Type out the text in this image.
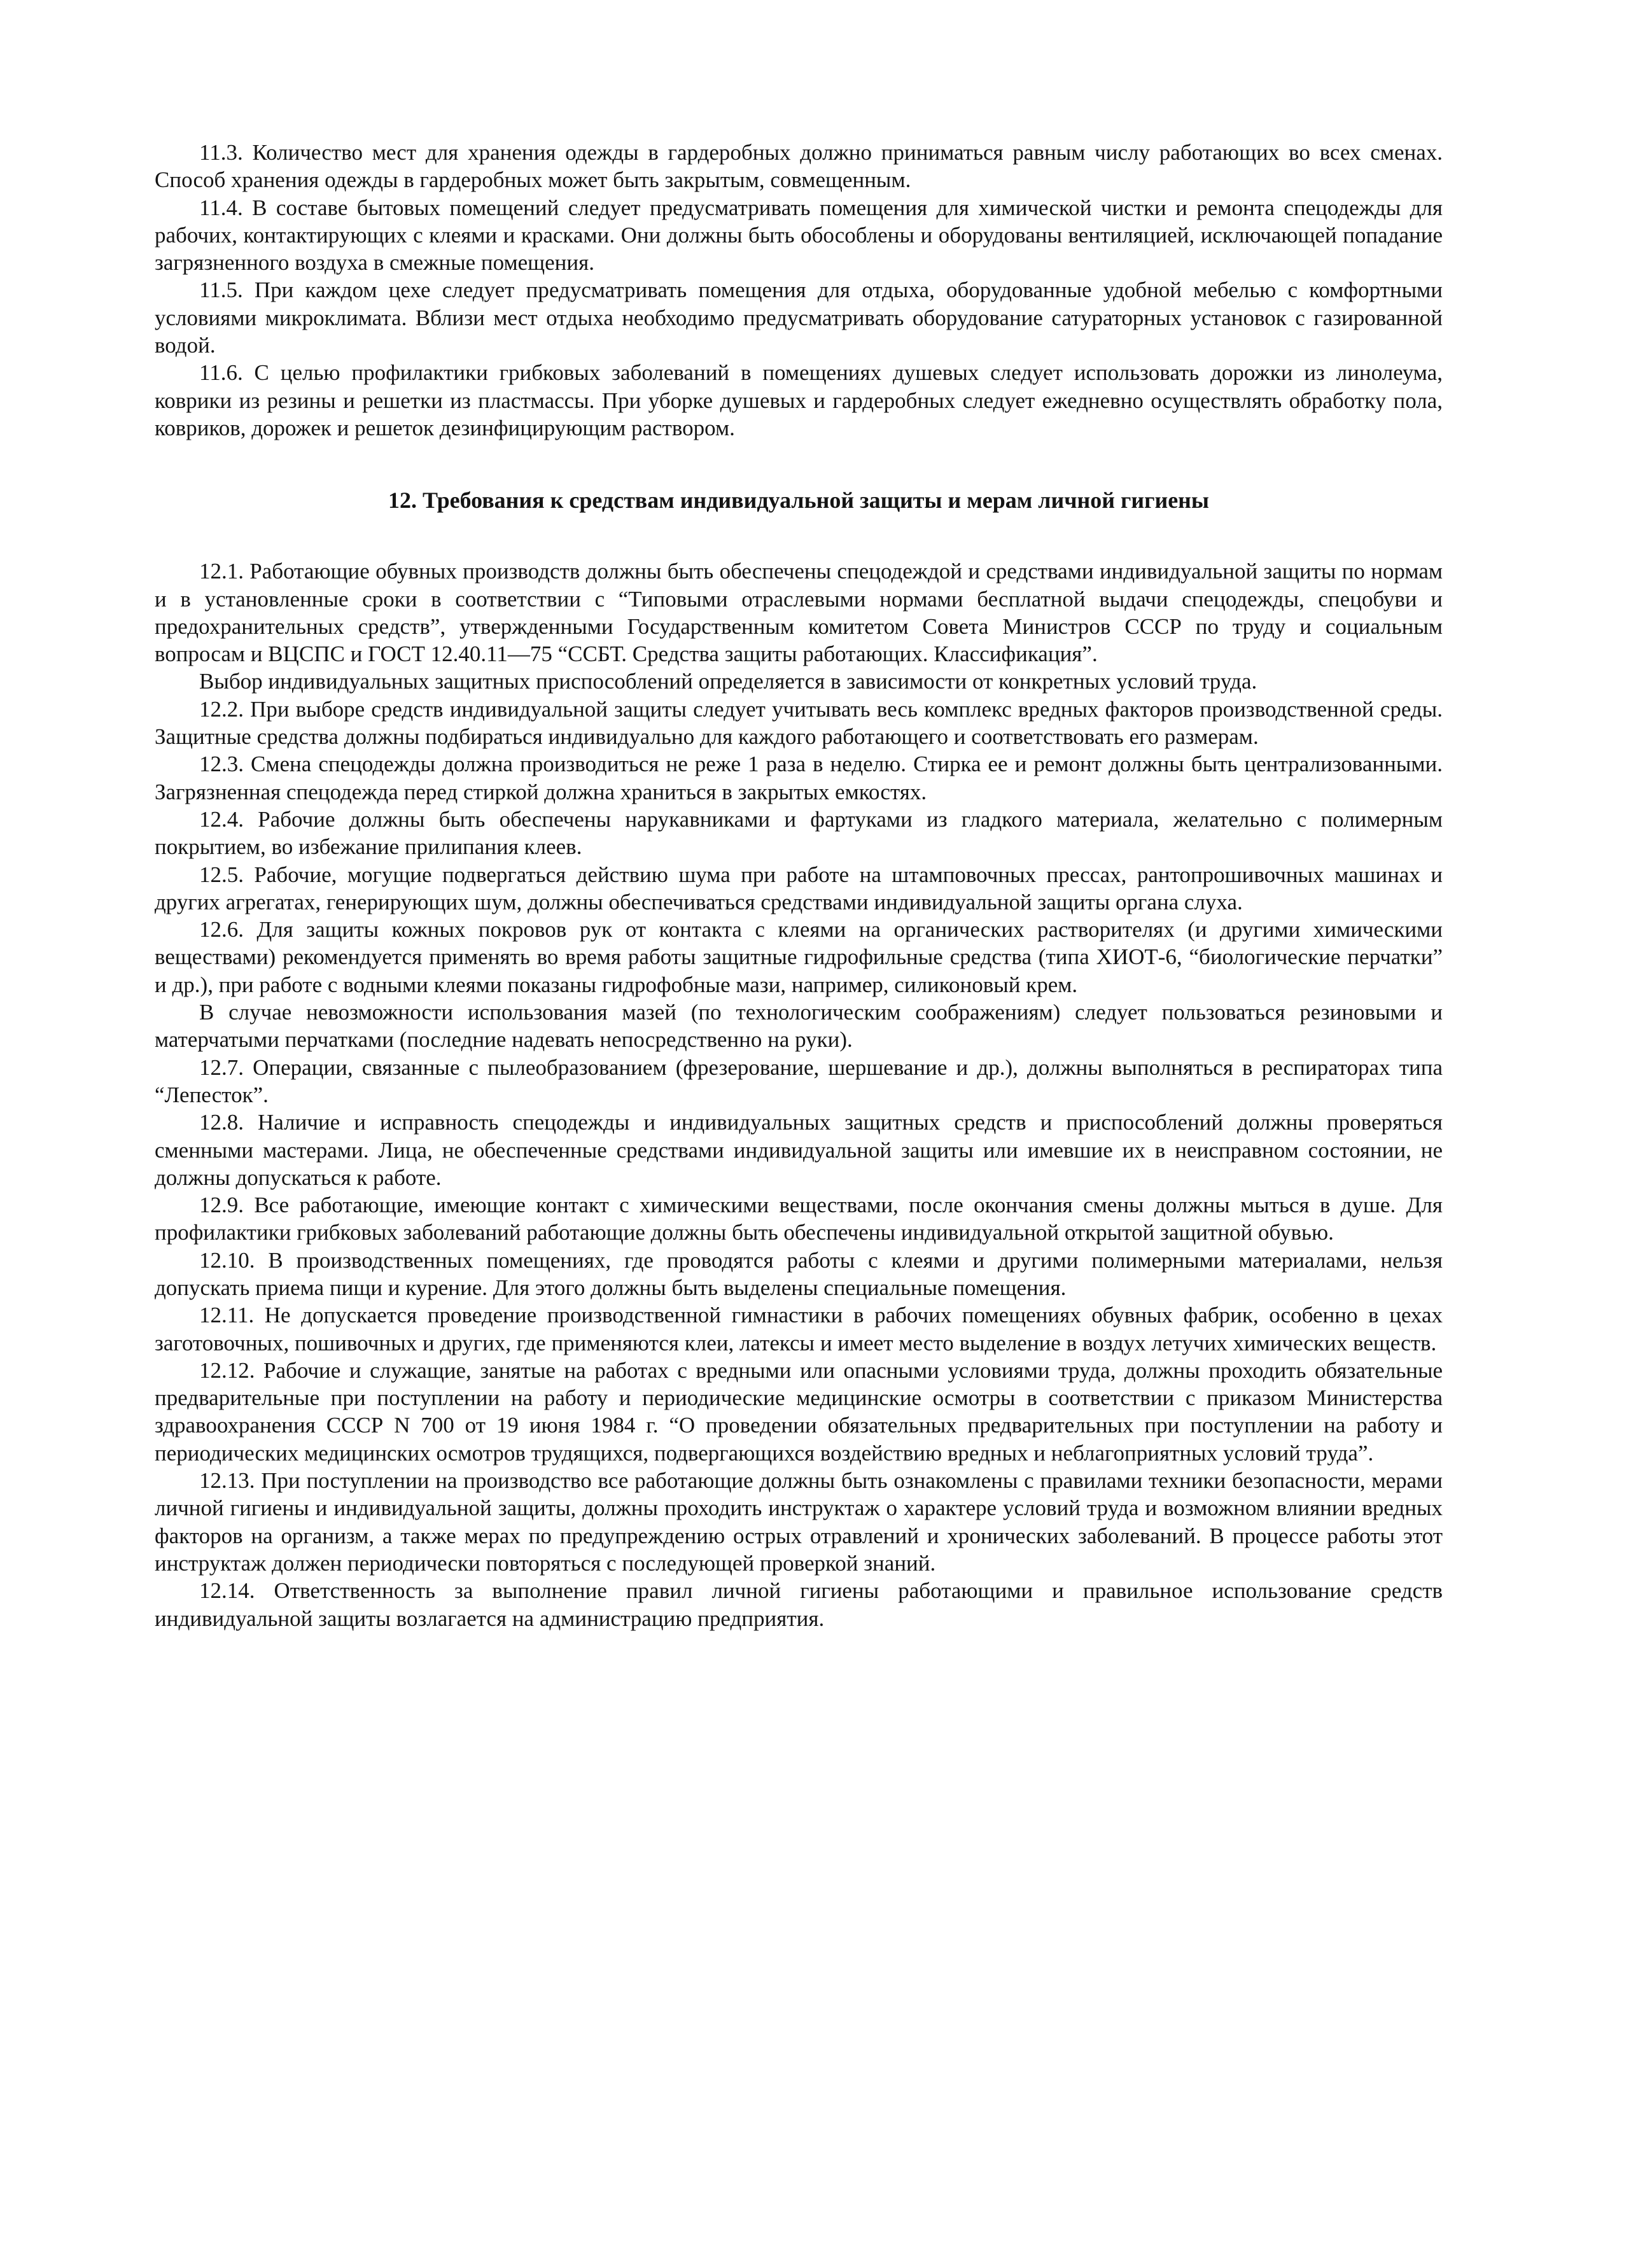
11.3. Количество мест для хранения одежды в гардеробных должно приниматься равным числу работающих во всех сменах. Способ хранения одежды в гардеробных может быть закрытым, совмещенным.

11.4. В составе бытовых помещений следует предусматривать помещения для химической чистки и ремонта спецодежды для рабочих, контактирующих с клеями и красками. Они должны быть обособлены и оборудованы вентиляцией, исключающей попадание загрязненного воздуха в смежные помещения.

11.5. При каждом цехе следует предусматривать помещения для отдыха, оборудованные удобной мебелью с комфортными условиями микроклимата. Вблизи мест отдыха необходимо предусматривать оборудование сатураторных установок с газированной водой.

11.6. С целью профилактики грибковых заболеваний в помещениях душевых следует использовать дорожки из линолеума, коврики из резины и решетки из пластмассы. При уборке душевых и гардеробных следует ежедневно осуществлять обработку пола, ковриков, дорожек и решеток дезинфицирующим раствором.

12. Требования к средствам индивидуальной защиты и мерам личной гигиены

12.1. Работающие обувных производств должны быть обеспечены спецодеждой и средствами индивидуальной защиты по нормам и в установленные сроки в соответствии с “Типовыми отраслевыми нормами бесплатной выдачи спецодежды, спецобуви и предохранительных средств”, утвержденными Государственным комитетом Совета Министров СССР по труду и социальным вопросам и ВЦСПС и ГОСТ 12.40.11—75 “ССБТ. Средства защиты работающих. Классификация”.

Выбор индивидуальных защитных приспособлений определяется в зависимости от конкретных условий труда.

12.2. При выборе средств индивидуальной защиты следует учитывать весь комплекс вредных факторов производственной среды. Защитные средства должны подбираться индивидуально для каждого работающего и соответствовать его размерам.

12.3. Смена спецодежды должна производиться не реже 1 раза в неделю. Стирка ее и ремонт должны быть централизованными. Загрязненная спецодежда перед стиркой должна храниться в закрытых емкостях.

12.4. Рабочие должны быть обеспечены нарукавниками и фартуками из гладкого материала, желательно с полимерным покрытием, во избежание прилипания клеев.

12.5. Рабочие, могущие подвергаться действию шума при работе на штамповочных прессах, рантопрошивочных машинах и других агрегатах, генерирующих шум, должны обеспечиваться средствами индивидуальной защиты органа слуха.

12.6. Для защиты кожных покровов рук от контакта с клеями на органических растворителях (и другими химическими веществами) рекомендуется применять во время работы защитные гидрофильные средства (типа ХИОТ-6, “биологические перчатки” и др.), при работе с водными клеями показаны гидрофобные мази, например, силиконовый крем.

В случае невозможности использования мазей (по технологическим соображениям) следует пользоваться резиновыми и матерчатыми перчатками (последние надевать непосредственно на руки).

12.7. Операции, связанные с пылеобразованием (фрезерование, шершевание и др.), должны выполняться в респираторах типа “Лепесток”.

12.8. Наличие и исправность спецодежды и индивидуальных защитных средств и приспособлений должны проверяться сменными мастерами. Лица, не обеспеченные средствами индивидуальной защиты или имевшие их в неисправном состоянии, не должны допускаться к работе.

12.9. Все работающие, имеющие контакт с химическими веществами, после окончания смены должны мыться в душе. Для профилактики грибковых заболеваний работающие должны быть обеспечены индивидуальной открытой защитной обувью.

12.10. В производственных помещениях, где проводятся работы с клеями и другими полимерными материалами, нельзя допускать приема пищи и курение. Для этого должны быть выделены специальные помещения.

12.11. Не допускается проведение производственной гимнастики в рабочих помещениях обувных фабрик, особенно в цехах заготовочных, пошивочных и других, где применяются клеи, латексы и имеет место выделение в воздух летучих химических веществ.

12.12. Рабочие и служащие, занятые на работах с вредными или опасными условиями труда, должны проходить обязательные предварительные при поступлении на работу и периодические медицинские осмотры в соответствии с приказом Министерства здравоохранения СССР N 700 от 19 июня 1984 г. “О проведении обязательных предварительных при поступлении на работу и периодических медицинских осмотров трудящихся, подвергающихся воздействию вредных и неблагоприятных условий труда”.

12.13. При поступлении на производство все работающие должны быть ознакомлены с правилами техники безопасности, мерами личной гигиены и индивидуальной защиты, должны проходить инструктаж о характере условий труда и возможном влиянии вредных факторов на организм, а также мерах по предупреждению острых отравлений и хронических заболеваний. В процессе работы этот инструктаж должен периодически повторяться с последующей проверкой знаний.

12.14. Ответственность за выполнение правил личной гигиены работающими и правильное использование средств индивидуальной защиты возлагается на администрацию предприятия.
